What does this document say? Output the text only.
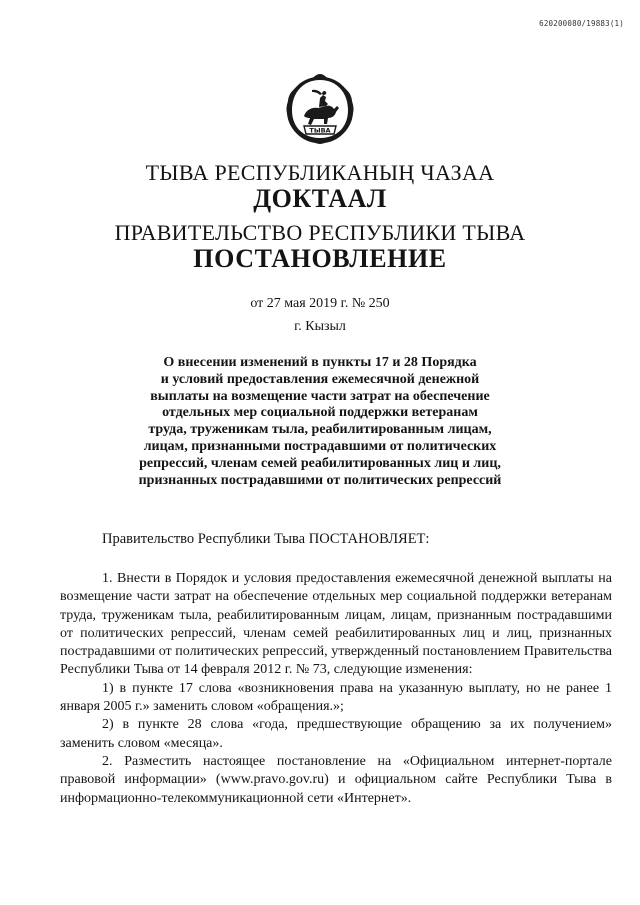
620200080/19883(1)
ТЫВА
ТЫВА РЕСПУБЛИКАНЫҢ ЧАЗАА
ДОКТААЛ
ПРАВИТЕЛЬСТВО РЕСПУБЛИКИ ТЫВА
ПОСТАНОВЛЕНИЕ
от 27 мая 2019 г. № 250
г. Кызыл
О внесении изменений в пункты 17 и 28 Порядка
и условий предоставления ежемесячной денежной
выплаты на возмещение части затрат на обеспечение
отдельных мер социальной поддержки ветеранам
труда, труженикам тыла, реабилитированным лицам,
лицам, признанными пострадавшими от политических
репрессий, членам семей реабилитированных лиц и лиц,
признанных пострадавшими от политических репрессий
Правительство Республики Тыва ПОСТАНОВЛЯЕТ:

1. Внести в Порядок и условия предоставления ежемесячной денежной выплаты на возмещение части затрат на обеспечение отдельных мер социальной поддержки ветеранам труда, труженикам тыла, реабилитированным лицам, лицам, признанным пострадавшими от политических репрессий, членам семей реабилитированных лиц и лиц, признанных пострадавшими от политических репрессий, утвержденный постановлением Правительства Республики Тыва от 14 февраля 2012 г. № 73, следующие изменения:

1) в пункте 17 слова «возникновения права на указанную выплату, но не ранее 1 января 2005 г.» заменить словом «обращения.»;

2) в пункте 28 слова «года, предшествующие обращению за их получением» заменить словом «месяца».

2. Разместить настоящее постановление на «Официальном интернет-портале правовой информации» (www.pravo.gov.ru) и официальном сайте Республики Тыва в информационно-телекоммуникационной сети «Интернет».
